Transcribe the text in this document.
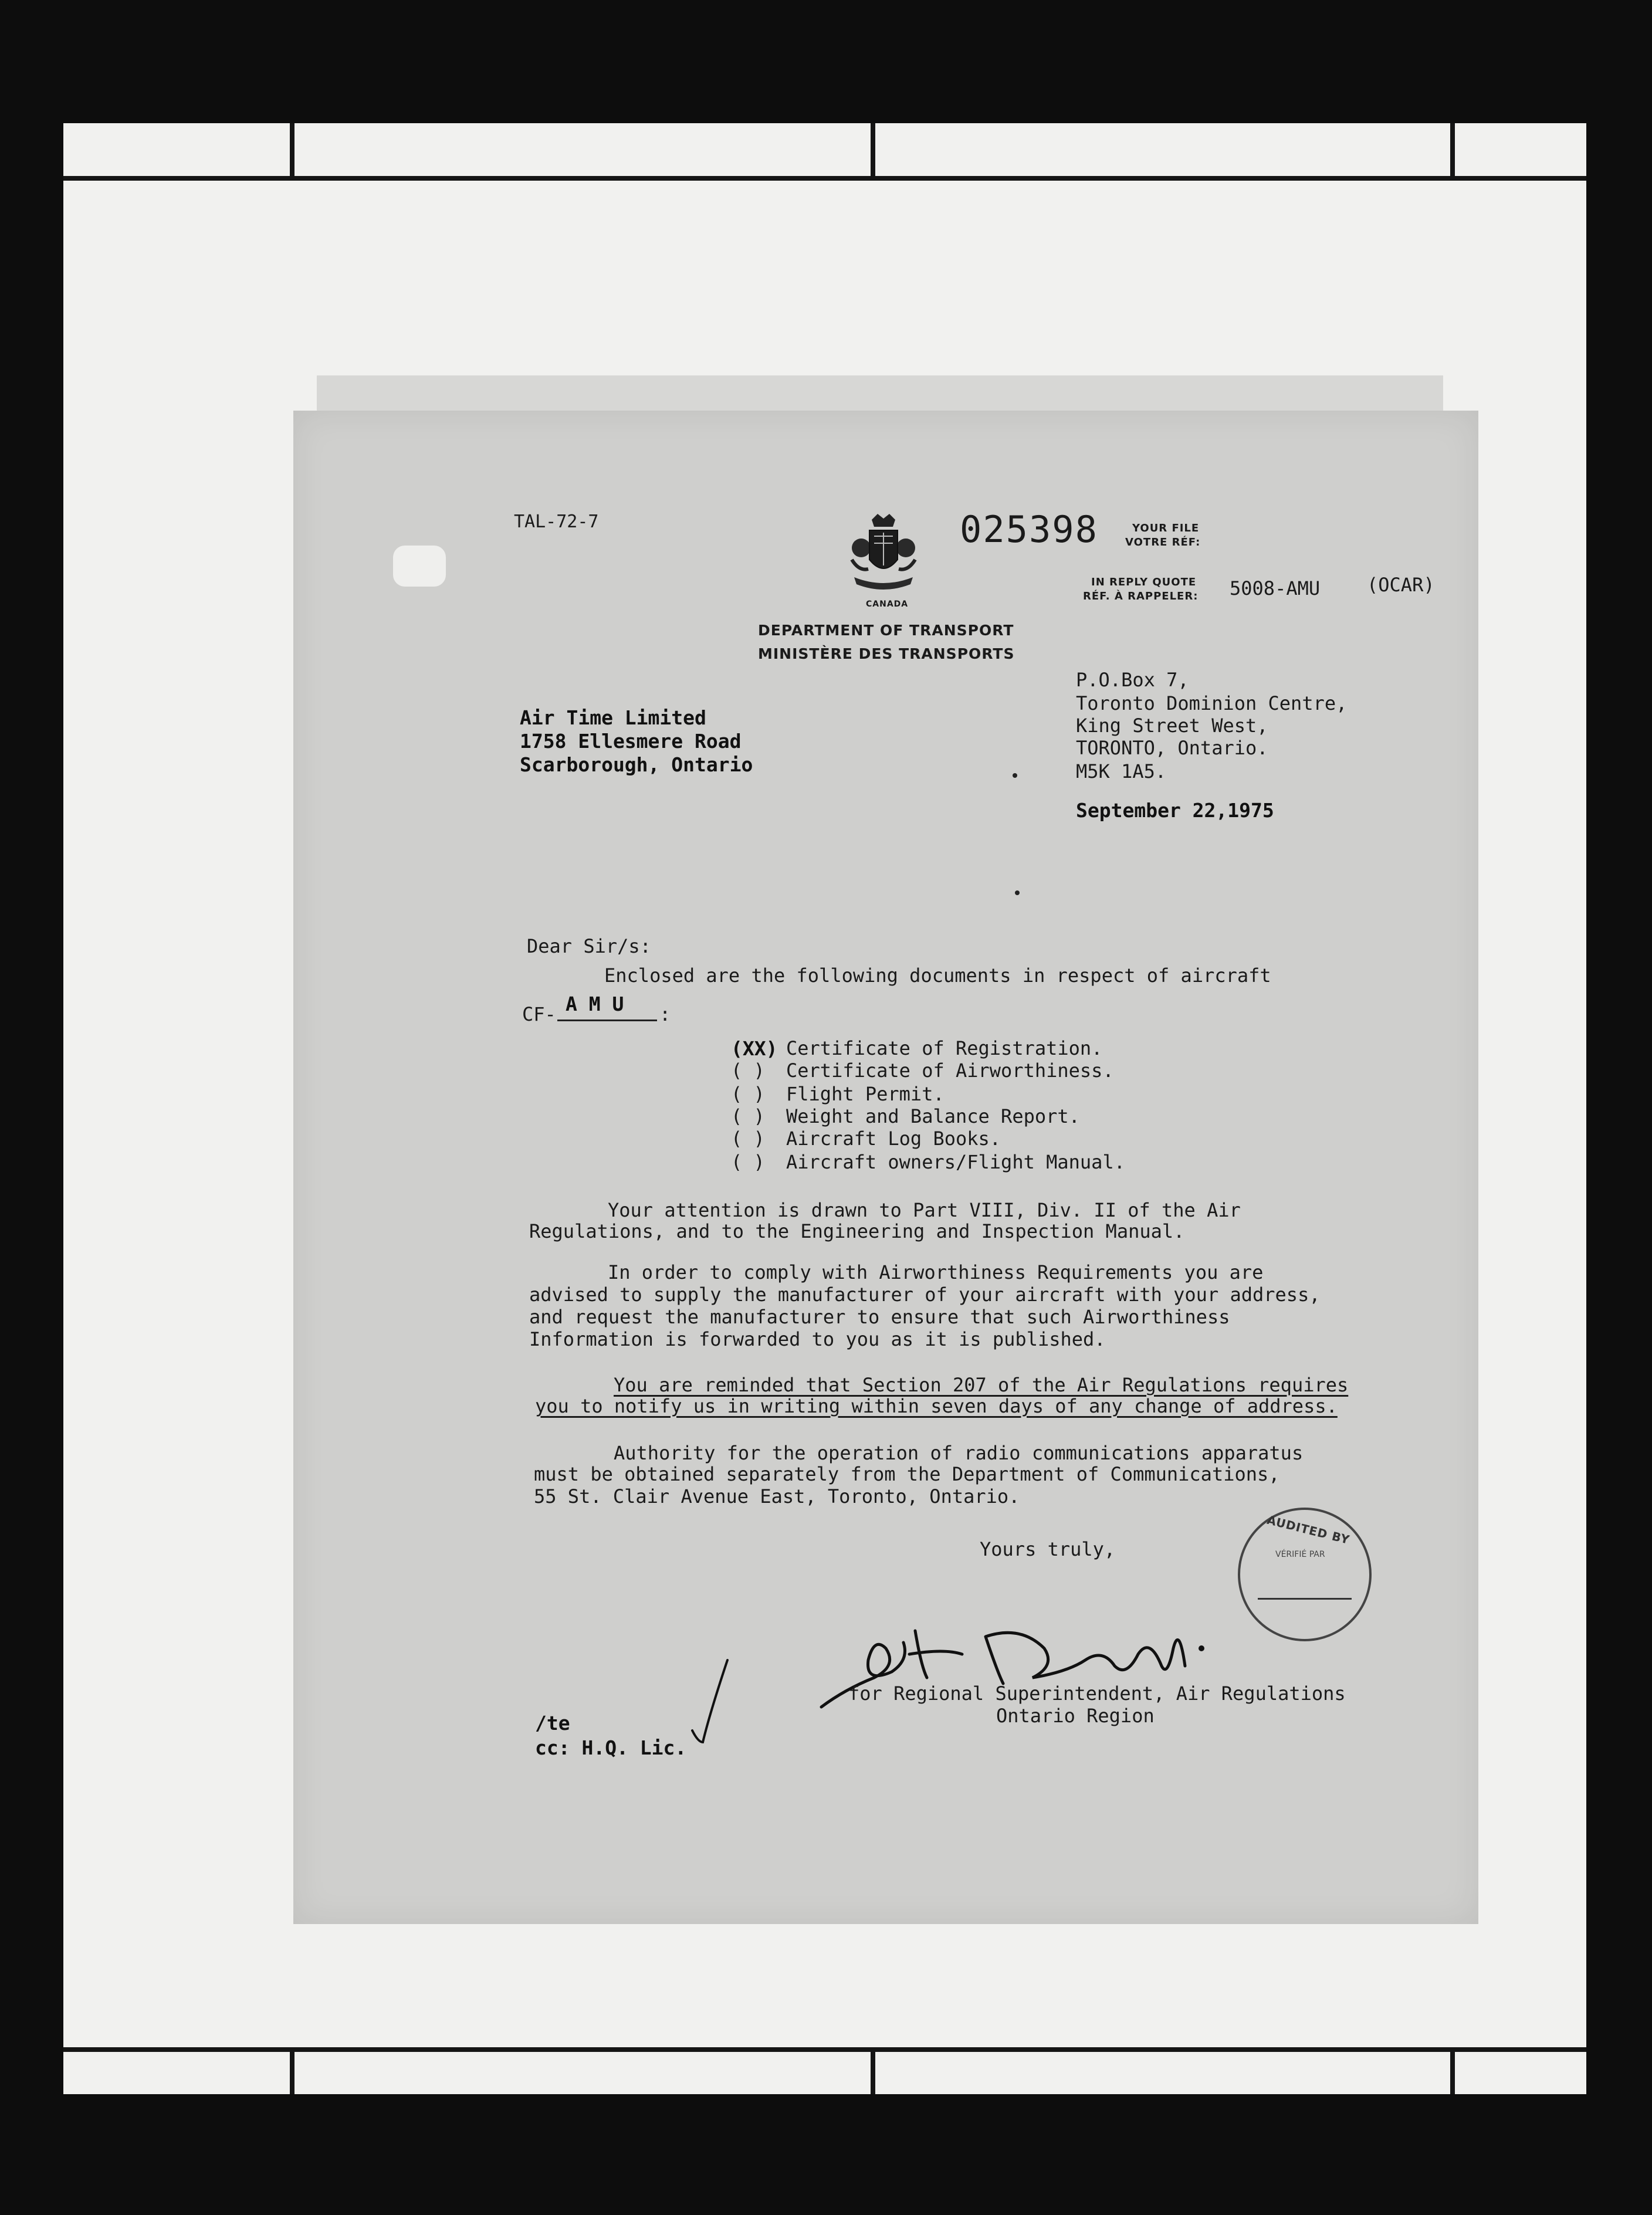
TAL-72-7
CANADA
DEPARTMENT OF TRANSPORT
MINISTÈRE DES TRANSPORTS
025398	YOUR FILE
VOTRE RÉF:
IN REPLY QUOTE
RÉF. À RAPPELER: 5008-AMU (OCAR)
P.O.Box 7,
Toronto Dominion Centre,
King Street West,
TORONTO, Ontario.
M5K 1A5.
September 22,1975
Air Time Limited
1758 Ellesmere Road
Scarborough, Ontario
Dear Sir/s:
Enclosed are the following documents in respect of aircraft
CF- A M U	:
(XX) Certificate of Registration.
( ) Certificate of Airworthiness.
( ) Flight Permit.
( ) Weight and Balance Report.
( ) Aircraft Log Books.
( ) Aircraft owners/Flight Manual.
Your attention is drawn to Part VIII, Div. II of the Air
Regulations, and to the Engineering and Inspection Manual.
In order to comply with Airworthiness Requirements you are
advised to supply the manufacturer of your aircraft with your address,
and request the manufacturer to ensure that such Airworthiness
Information is forwarded to you as it is published.
You are reminded that Section 207 of the Air Regulations requires
you to notify us in writing within seven days of any change of address.
Authority for the operation of radio communications apparatus
must be obtained separately from the Department of Communications,
55 St. Clair Avenue East, Toronto, Ontario.
Yours truly,
AUDITED BY
VÉRIFIÉ PAR
for Regional Superintendent, Air Regulations
Ontario Region
/te
cc: H.Q. Lic.
